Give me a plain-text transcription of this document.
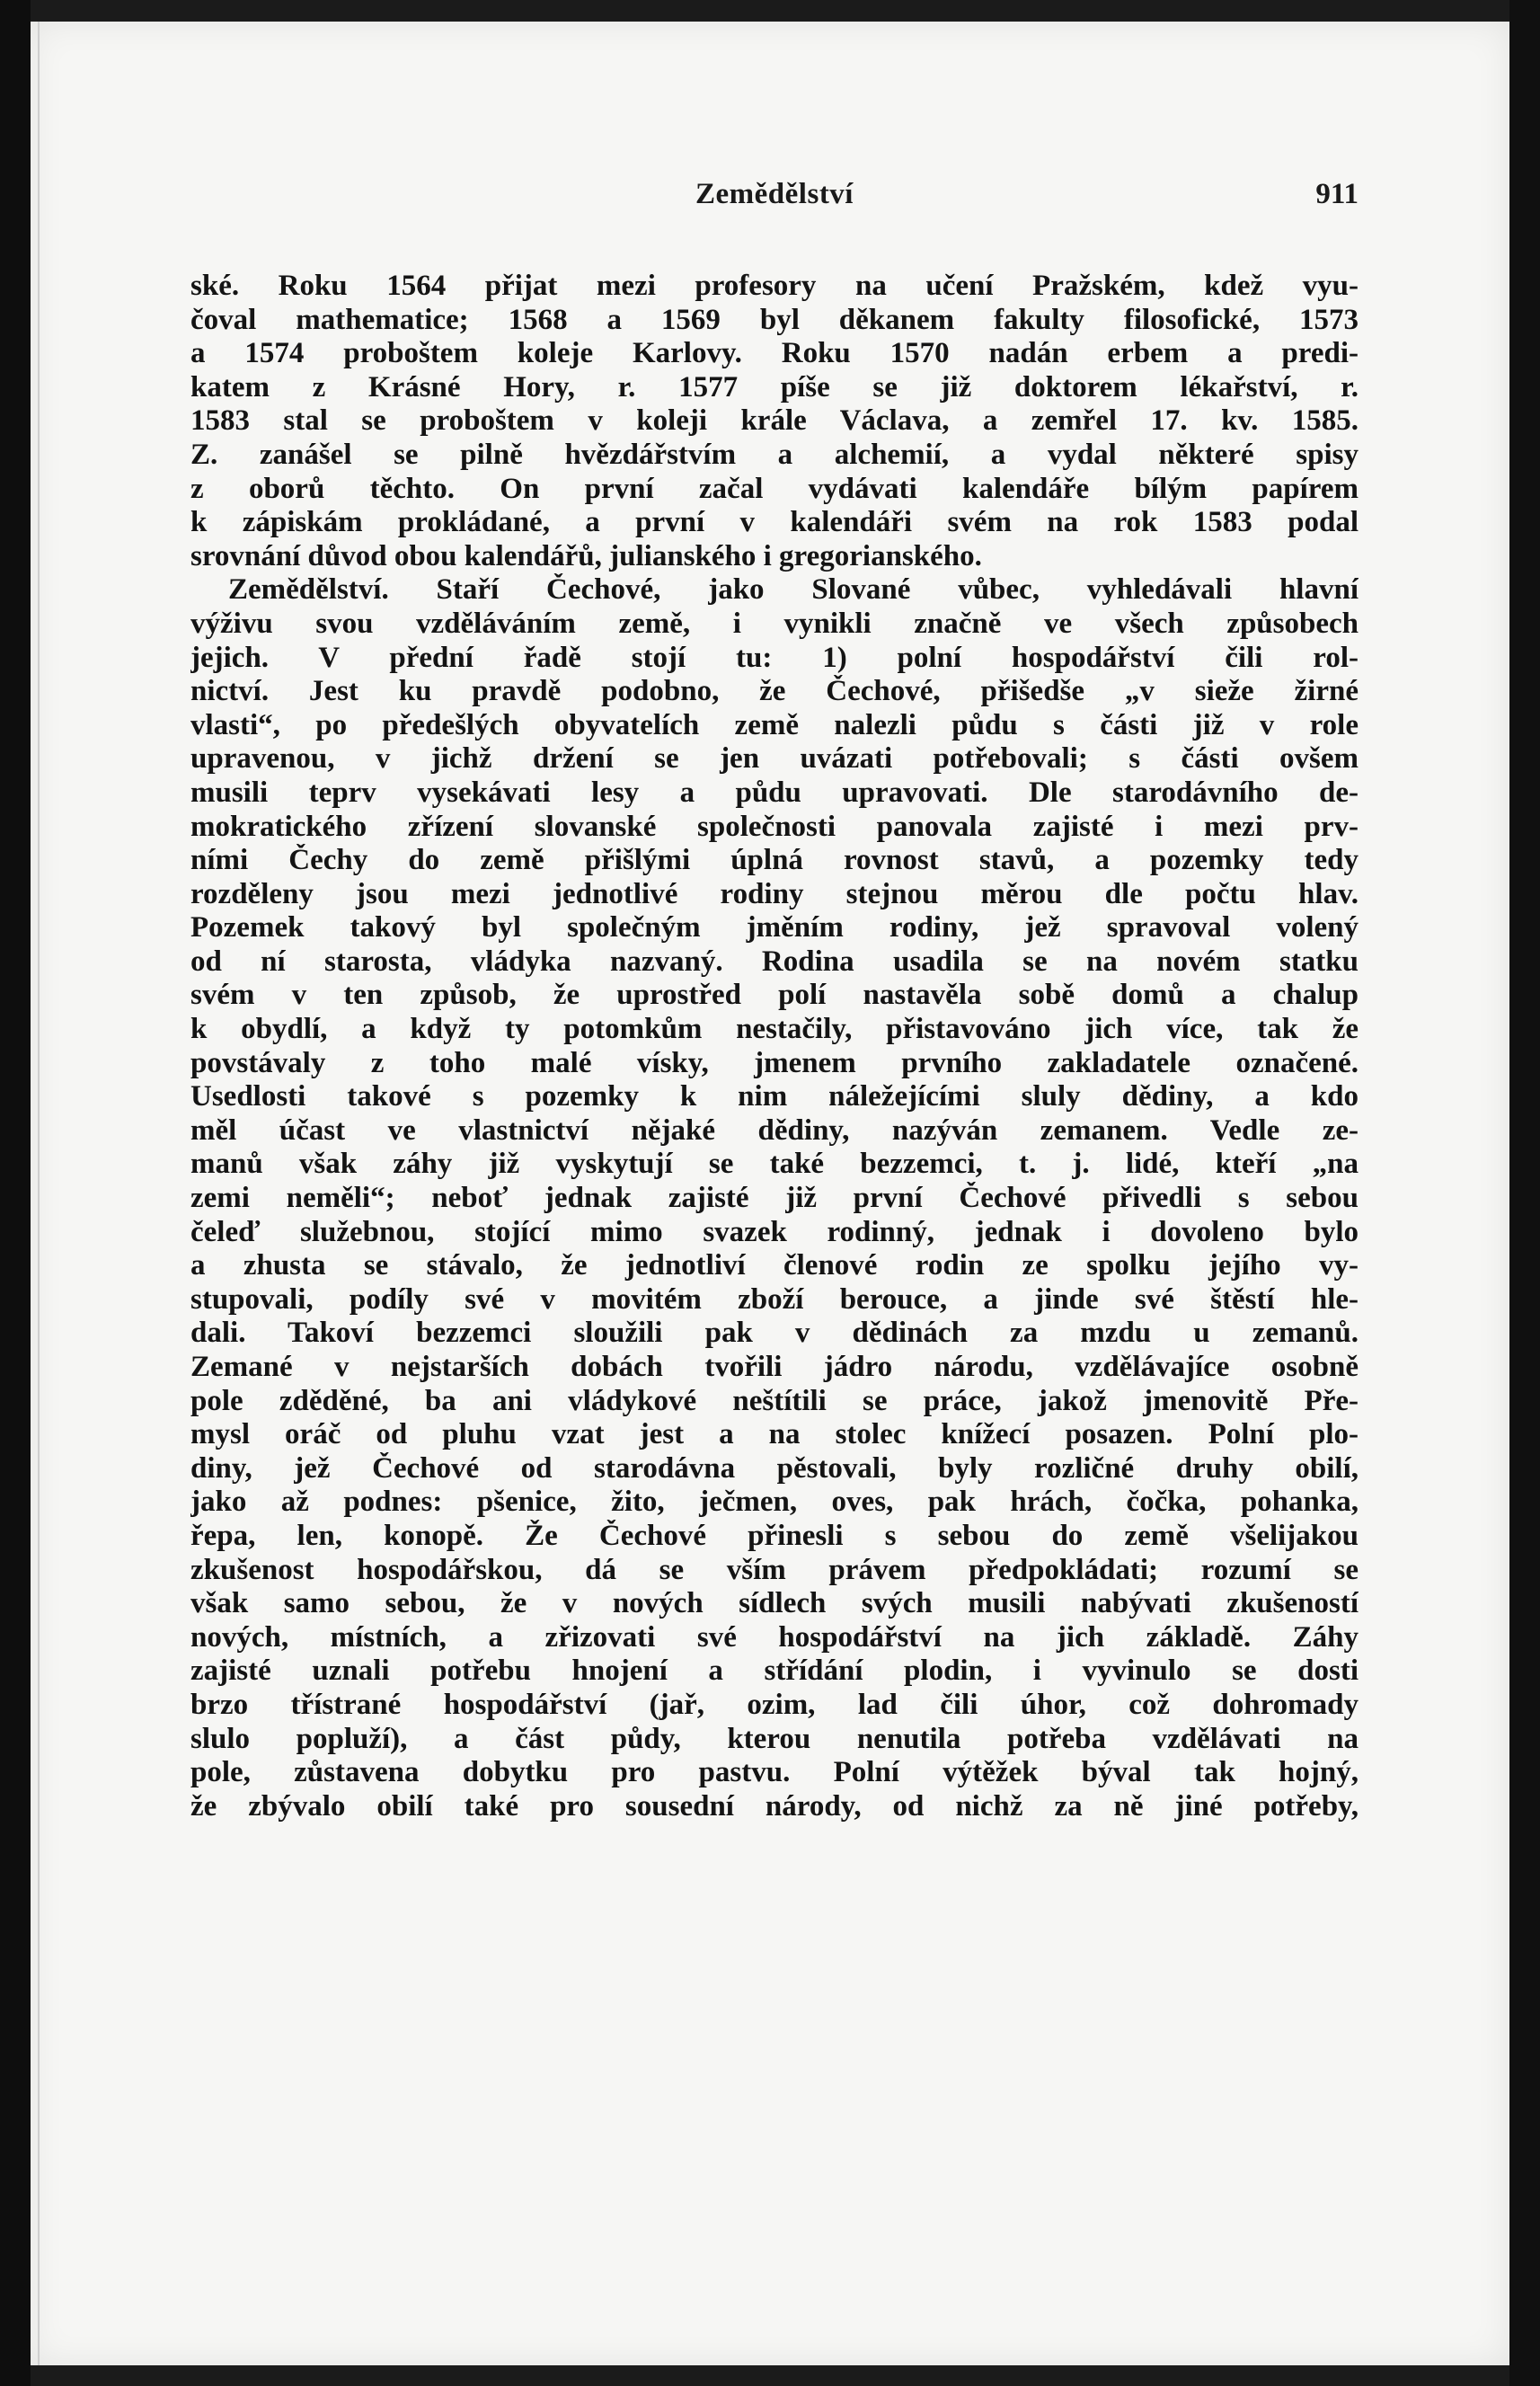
Zemědělství	911
ské. Roku 1564 přijat mezi profesory na učení Pražském, kdež vyu-
čoval mathematice; 1568 a 1569 byl děkanem fakulty filosofické, 1573
a 1574 proboštem koleje Karlovy. Roku 1570 nadán erbem a predi-
katem z Krásné Hory, r. 1577 píše se již doktorem lékařství, r.
1583 stal se proboštem v koleji krále Václava, a zemřel 17. kv. 1585.
Z. zanášel se pilně hvězdářstvím a alchemií, a vydal některé spisy
z oborů těchto. On první začal vydávati kalendáře bílým papírem
k zápiskám prokládané, a první v kalendáři svém na rok 1583 podal
srovnání důvod obou kalendářů, julianského i gregorianského.
Zemědělství. Staří Čechové, jako Slované vůbec, vyhledávali hlavní
výživu svou vzděláváním země, i vynikli značně ve všech způsobech
jejich. V přední řadě stojí tu: 1) polní hospodářství čili rol-
nictví. Jest ku pravdě podobno, že Čechové, přišedše „v sieže žirné
vlasti“, po předešlých obyvatelích země nalezli půdu s části již v role
upravenou, v jichž držení se jen uvázati potřebovali; s části ovšem
musili teprv vysekávati lesy a půdu upravovati. Dle starodávního de-
mokratického zřízení slovanské společnosti panovala zajisté i mezi prv-
ními Čechy do země přišlými úplná rovnost stavů, a pozemky tedy
rozděleny jsou mezi jednotlivé rodiny stejnou měrou dle počtu hlav.
Pozemek takový byl společným jměním rodiny, jež spravoval volený
od ní starosta, vládyka nazvaný. Rodina usadila se na novém statku
svém v ten způsob, že uprostřed polí nastavěla sobě domů a chalup
k obydlí, a když ty potomkům nestačily, přistavováno jich více, tak že
povstávaly z toho malé vísky, jmenem prvního zakladatele označené.
Usedlosti takové s pozemky k nim náležejícími sluly dědiny, a kdo
měl účast ve vlastnictví nějaké dědiny, nazýván zemanem. Vedle ze-
manů však záhy již vyskytují se také bezzemci, t. j. lidé, kteří „na
zemi neměli“; neboť jednak zajisté již první Čechové přivedli s sebou
čeleď služebnou, stojící mimo svazek rodinný, jednak i dovoleno bylo
a zhusta se stávalo, že jednotliví členové rodin ze spolku jejího vy-
stupovali, podíly své v movitém zboží berouce, a jinde své štěstí hle-
dali. Takoví bezzemci sloužili pak v dědinách za mzdu u zemanů.
Zemané v nejstarších dobách tvořili jádro národu, vzdělávajíce osobně
pole zděděné, ba ani vládykové neštítili se práce, jakož jmenovitě Pře-
mysl oráč od pluhu vzat jest a na stolec knížecí posazen. Polní plo-
diny, jež Čechové od starodávna pěstovali, byly rozličné druhy obilí,
jako až podnes: pšenice, žito, ječmen, oves, pak hrách, čočka, pohanka,
řepa, len, konopě. Že Čechové přinesli s sebou do země všelijakou
zkušenost hospodářskou, dá se vším právem předpokládati; rozumí se
však samo sebou, že v nových sídlech svých musili nabývati zkušeností
nových, místních, a zřizovati své hospodářství na jich základě. Záhy
zajisté uznali potřebu hnojení a střídání plodin, i vyvinulo se dosti
brzo třístrané hospodářství (jař, ozim, lad čili úhor, což dohromady
slulo popluží), a část půdy, kterou nenutila potřeba vzdělávati na
pole, zůstavena dobytku pro pastvu. Polní výtěžek býval tak hojný,
že zbývalo obilí také pro sousední národy, od nichž za ně jiné potřeby,
